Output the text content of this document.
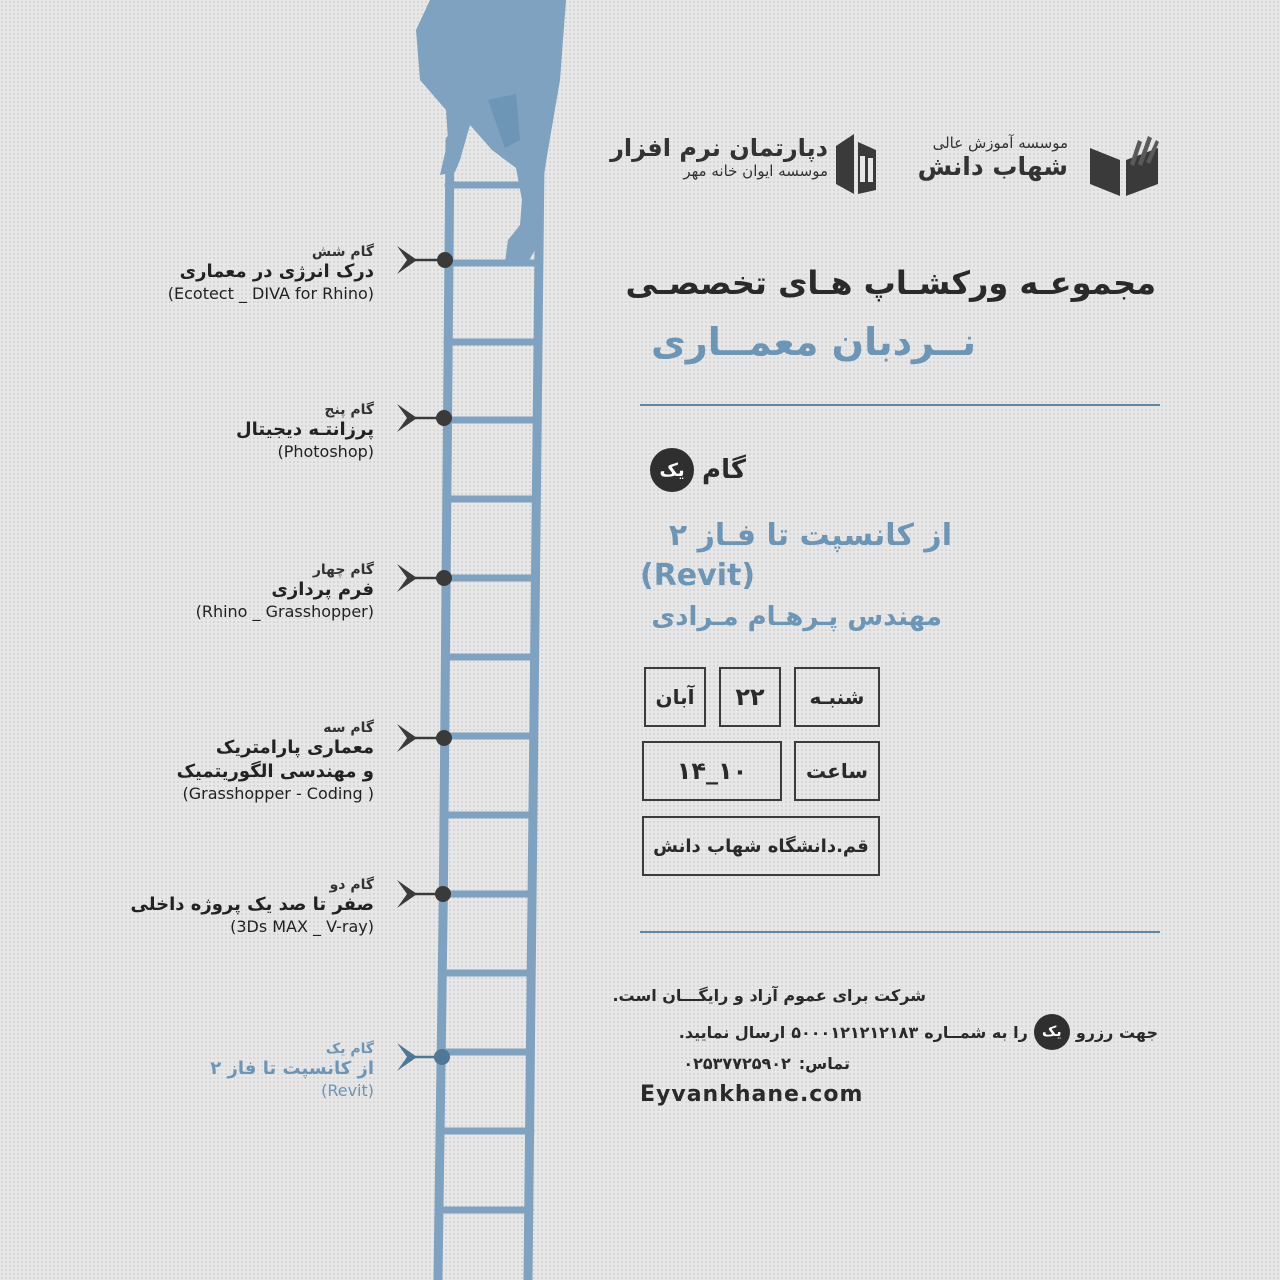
گام شش
درک انرژی در معماری
(Ecotect _ DIVA for Rhino)
گام پنج
پرزانتـه دیجیتال
(Photoshop)
گام چهار
فرم پردازی
(Rhino _ Grasshopper)
گام سه
معماری پارامتریک
و مهندسی الگوریتمیک
(Grasshopper - Coding )
گام دو
صفر تا صد یک پروژه داخلی
(3Ds MAX _ V-ray)
گام یک
از کانسپت تا فاز ۲
(Revit)
موسسه آموزش عالی
شهاب دانش
دپارتمان نرم افزار
موسسه ایوان خانه مهر
مجموعـه ورکشـاپ هـای تخصصـی
نــردبان معمــاری
گام
یک
از کانسپت تا فـاز ۲
(Revit)
مهندس پـرهـام مـرادی
شنبـه
۲۲
آبان
ساعت
۱۰_۱۴
قم.دانشگاه شهاب دانش
شرکت برای عموم آزاد و رایگـــان است.
جهت رزرو
یک
را به شمــاره
۵۰۰۰۱۲۱۲۱۲۱۸۳
ارسال نمایید.
تماس:
۰۲۵۳۷۷۲۵۹۰۲
Eyvankhane.com
